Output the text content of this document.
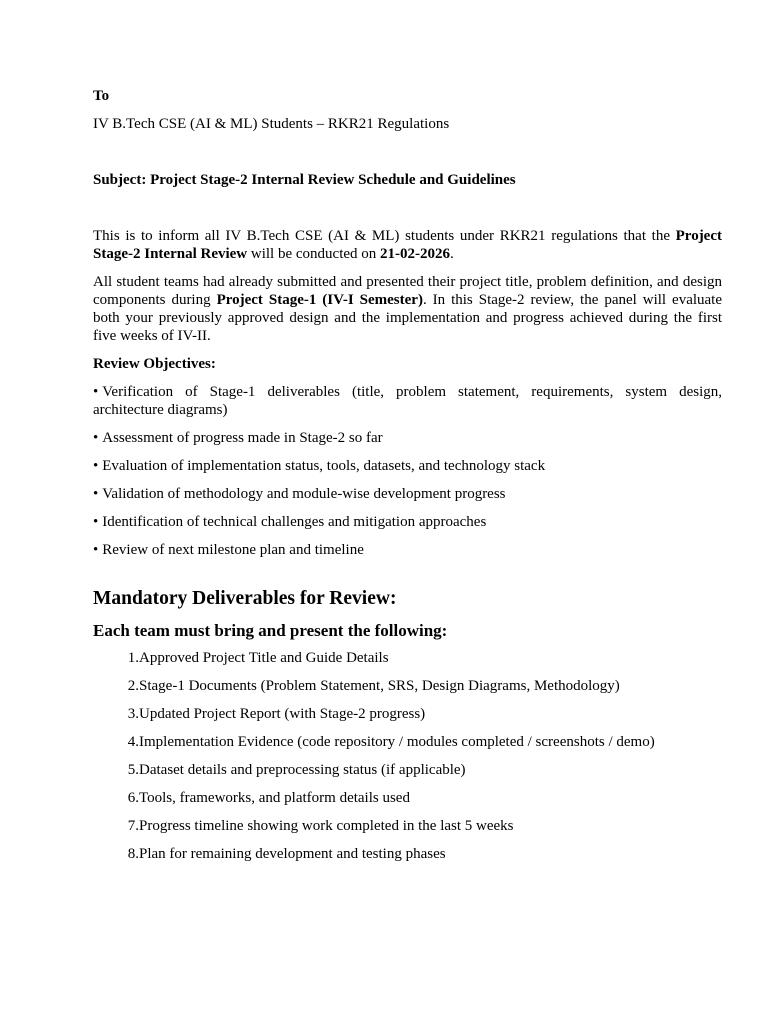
To

IV B.Tech CSE (AI & ML) Students – RKR21 Regulations

Subject: Project Stage-2 Internal Review Schedule and Guidelines

This is to inform all IV B.Tech CSE (AI & ML) students under RKR21 regulations that the Project Stage-2 Internal Review will be conducted on 21-02-2026.

All student teams had already submitted and presented their project title, problem definition, and design components during Project Stage-1 (IV-I Semester). In this Stage-2 review, the panel will evaluate both your previously approved design and the implementation and progress achieved during the first five weeks of IV-II.

Review Objectives:

• Verification of Stage-1 deliverables (title, problem statement, requirements, system design, architecture diagrams)
• Assessment of progress made in Stage-2 so far
• Evaluation of implementation status, tools, datasets, and technology stack
• Validation of methodology and module-wise development progress
• Identification of technical challenges and mitigation approaches
• Review of next milestone plan and timeline

Mandatory Deliverables for Review:

Each team must bring and present the following:

1. Approved Project Title and Guide Details
2. Stage-1 Documents (Problem Statement, SRS, Design Diagrams, Methodology)
3. Updated Project Report (with Stage-2 progress)
4. Implementation Evidence (code repository / modules completed / screenshots / demo)
5. Dataset details and preprocessing status (if applicable)
6. Tools, frameworks, and platform details used
7. Progress timeline showing work completed in the last 5 weeks
8. Plan for remaining development and testing phases
